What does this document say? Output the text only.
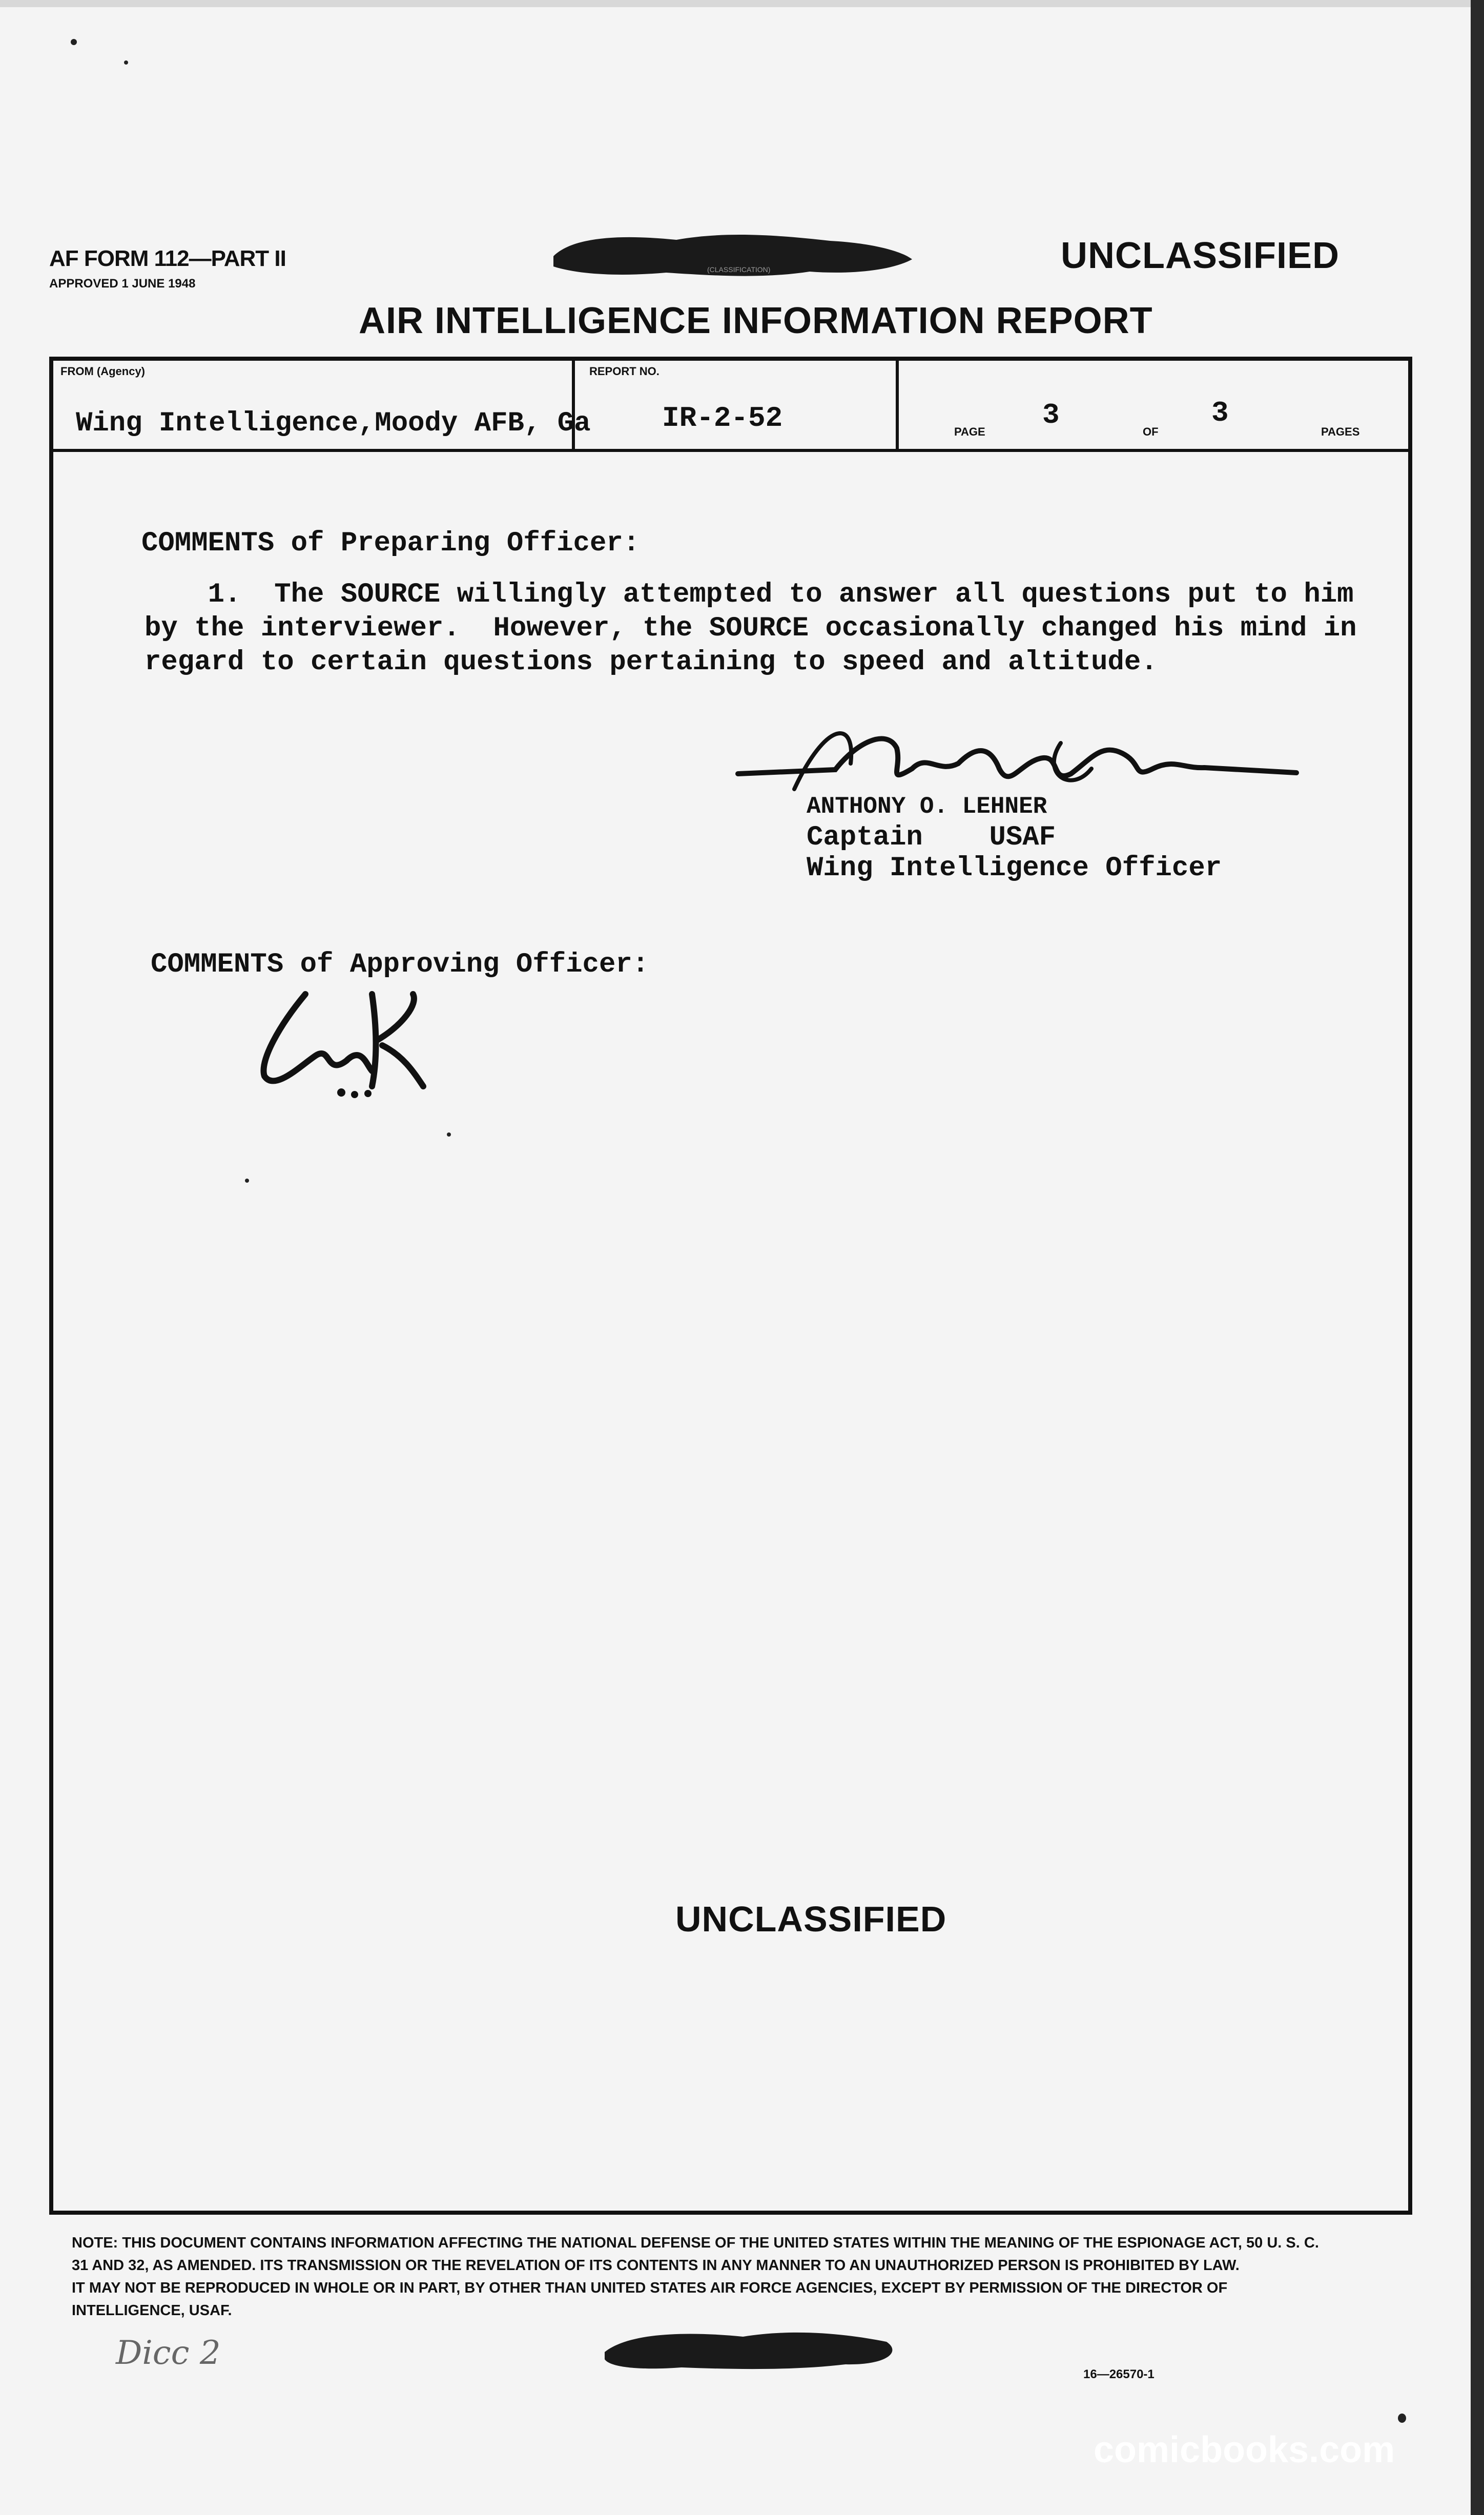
AF FORM 112—PART II
APPROVED 1 JUNE 1948
(CLASSIFICATION)	UNCLASSIFIED
AIR INTELLIGENCE INFORMATION REPORT
FROM (Agency)
Wing Intelligence,Moody AFB, Ga
REPORT NO.
IR-2-52	PAGE
3
OF
3
PAGES
COMMENTS of Preparing Officer:
1.  The SOURCE willingly attempted to answer all questions put to him
by the interviewer.  However, the SOURCE occasionally changed his mind in
regard to certain questions pertaining to speed and altitude.
ANTHONY O. LEHNER
Captain    USAF
Wing Intelligence Officer
COMMENTS of Approving Officer:
UNCLASSIFIED
NOTE: THIS DOCUMENT CONTAINS INFORMATION AFFECTING THE NATIONAL DEFENSE OF THE UNITED STATES WITHIN THE MEANING OF THE ESPIONAGE ACT, 50 U. S. C.
31 AND 32, AS AMENDED. ITS TRANSMISSION OR THE REVELATION OF ITS CONTENTS IN ANY MANNER TO AN UNAUTHORIZED PERSON IS PROHIBITED BY LAW.
IT MAY NOT BE REPRODUCED IN WHOLE OR IN PART, BY OTHER THAN UNITED STATES AIR FORCE AGENCIES, EXCEPT BY PERMISSION OF THE DIRECTOR OF
INTELLIGENCE, USAF.
Dicc 2
16—26570-1
comicbooks.com
